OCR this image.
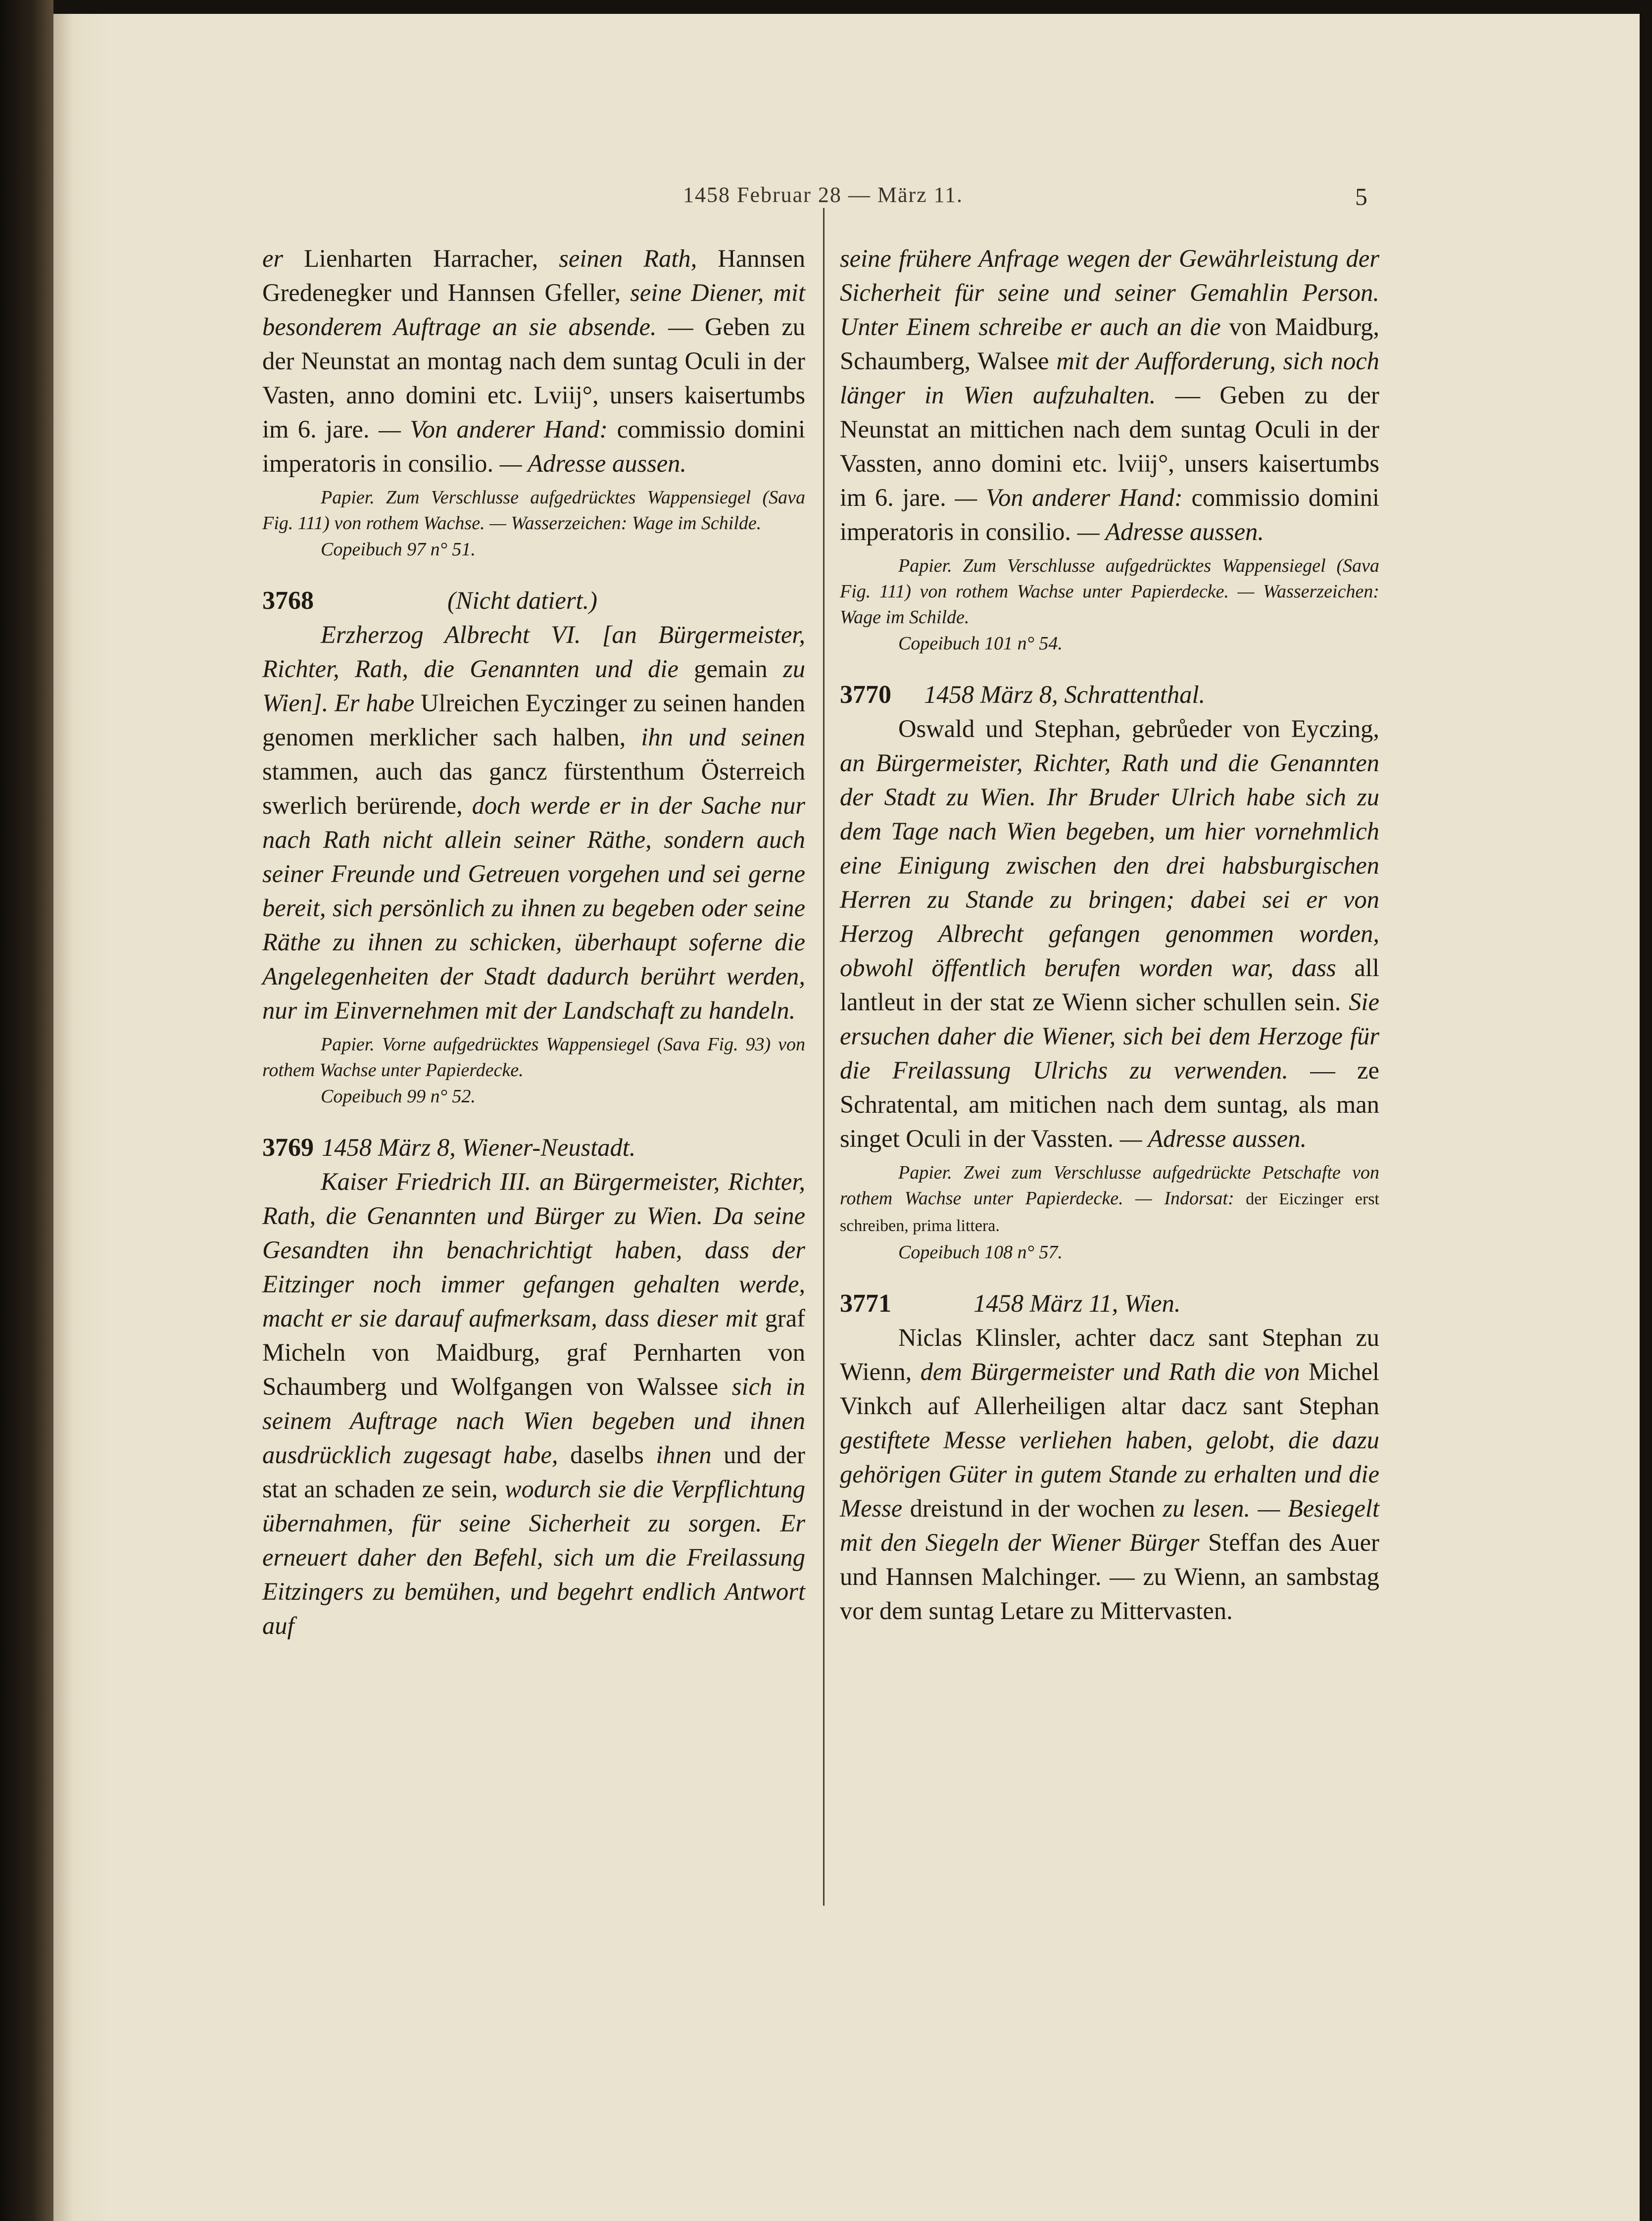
1458 Februar 28 — März 11.	5

er Lienharten Harracher, seinen Rath, Hannsen Gredenegker und Hannsen Gfeller, seine Diener, mit besonderem Auftrage an sie absende. — Geben zu der Neunstat an montag nach dem suntag Oculi in der Vasten, anno domini etc. Lviij°, unsers kaisertumbs im 6. jare. — Von anderer Hand: commissio domini imperatoris in consilio. — Adresse aussen.

Papier. Zum Verschlusse aufgedrücktes Wappensiegel (Sava Fig. 111) von rothem Wachse. — Wasserzeichen: Wage im Schilde.

Copeibuch 97 n° 51.
3768	(Nicht datiert.)

Erzherzog Albrecht VI. [an Bürgermeister, Richter, Rath, die Genannten und die gemain zu Wien]. Er habe Ulreichen Eyczinger zu seinen handen genomen merklicher sach halben, ihn und seinen stammen, auch das gancz fürstenthum Österreich swerlich berürende, doch werde er in der Sache nur nach Rath nicht allein seiner Räthe, sondern auch seiner Freunde und Getreuen vorgehen und sei gerne bereit, sich persönlich zu ihnen zu begeben oder seine Räthe zu ihnen zu schicken, überhaupt soferne die Angelegenheiten der Stadt dadurch berührt werden, nur im Einvernehmen mit der Landschaft zu handeln.

Papier. Vorne aufgedrücktes Wappensiegel (Sava Fig. 93) von rothem Wachse unter Papierdecke.

Copeibuch 99 n° 52.
3769 1458 März 8, Wiener-Neustadt.

Kaiser Friedrich III. an Bürgermeister, Richter, Rath, die Genannten und Bürger zu Wien. Da seine Gesandten ihn benachrichtigt haben, dass der Eitzinger noch immer gefangen gehalten werde, macht er sie darauf aufmerksam, dass dieser mit graf Micheln von Maidburg, graf Pernharten von Schaumberg und Wolfgangen von Walssee sich in seinem Auftrage nach Wien begeben und ihnen ausdrücklich zugesagt habe, daselbs ihnen und der stat an schaden ze sein, wodurch sie die Verpflichtung übernahmen, für seine Sicherheit zu sorgen. Er erneuert daher den Befehl, sich um die Freilassung Eitzingers zu bemühen, und begehrt endlich Antwort auf

seine frühere Anfrage wegen der Gewährleistung der Sicherheit für seine und seiner Gemahlin Person. Unter Einem schreibe er auch an die von Maidburg, Schaumberg, Walsee mit der Aufforderung, sich noch länger in Wien aufzuhalten. — Geben zu der Neunstat an mittichen nach dem suntag Oculi in der Vassten, anno domini etc. lviij°, unsers kaisertumbs im 6. jare. — Von anderer Hand: commissio domini imperatoris in consilio. — Adresse aussen.

Papier. Zum Verschlusse aufgedrücktes Wappensiegel (Sava Fig. 111) von rothem Wachse unter Papierdecke. — Wasserzeichen: Wage im Schilde.

Copeibuch 101 n° 54.
3770	1458 März 8, Schrattenthal.

Oswald und Stephan, gebrůeder von Eyczing, an Bürgermeister, Richter, Rath und die Genannten der Stadt zu Wien. Ihr Bruder Ulrich habe sich zu dem Tage nach Wien begeben, um hier vornehmlich eine Einigung zwischen den drei habsburgischen Herren zu Stande zu bringen; dabei sei er von Herzog Albrecht gefangen genommen worden, obwohl öffentlich berufen worden war, dass all lantleut in der stat ze Wienn sicher schullen sein. Sie ersuchen daher die Wiener, sich bei dem Herzoge für die Freilassung Ulrichs zu verwenden. — ze Schratental, am mitichen nach dem suntag, als man singet Oculi in der Vassten. — Adresse aussen.

Papier. Zwei zum Verschlusse aufgedrückte Petschafte von rothem Wachse unter Papierdecke. — Indorsat: der Eiczinger erst schreiben, prima littera.

Copeibuch 108 n° 57.
3771	1458 März 11, Wien.

Niclas Klinsler, achter dacz sant Stephan zu Wienn, dem Bürgermeister und Rath die von Michel Vinkch auf Allerheiligen altar dacz sant Stephan gestiftete Messe verliehen haben, gelobt, die dazu gehörigen Güter in gutem Stande zu erhalten und die Messe dreistund in der wochen zu lesen. — Besiegelt mit den Siegeln der Wiener Bürger Steffan des Auer und Hannsen Malchinger. — zu Wienn, an sambstag vor dem suntag Letare zu Mittervasten.
